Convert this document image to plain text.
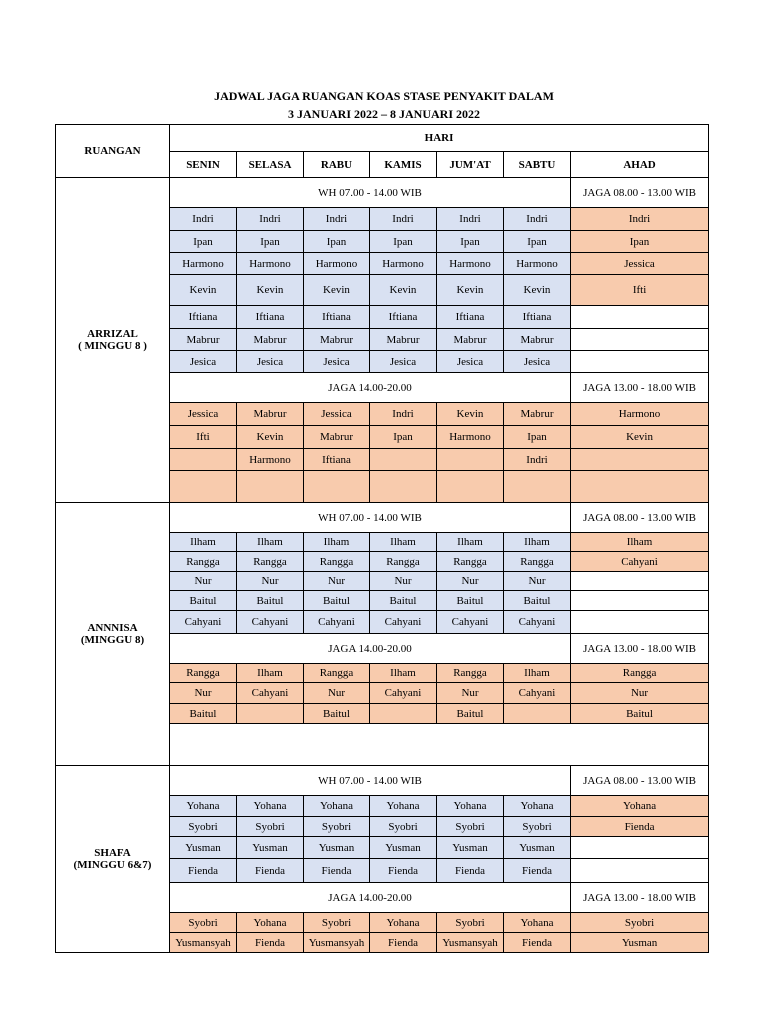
JADWAL JAGA RUANGAN KOAS STASE PENYAKIT DALAM
3 JANUARI 2022 – 8 JANUARI 2022
RUANGAN	HARI						
	SENIN	SELASA	RABU	KAMIS	JUM'AT	SABTU	AHAD

ARRIZAL
( MINGGU 8 )	WH 07.00 - 14.00 WIB						JAGA 08.00 - 13.00 WIB
	Indri	Indri	Indri	Indri	Indri	Indri	Indri
	Ipan	Ipan	Ipan	Ipan	Ipan	Ipan	Ipan
	Harmono	Harmono	Harmono	Harmono	Harmono	Harmono	Jessica
	Kevin	Kevin	Kevin	Kevin	Kevin	Kevin	Ifti
	Iftiana	Iftiana	Iftiana	Iftiana	Iftiana	Iftiana	
	Mabrur	Mabrur	Mabrur	Mabrur	Mabrur	Mabrur	
	Jesica	Jesica	Jesica	Jesica	Jesica	Jesica	
	JAGA 14.00-20.00						JAGA 13.00 - 18.00 WIB
	Jessica	Mabrur	Jessica	Indri	Kevin	Mabrur	Harmono
	Ifti	Kevin	Mabrur	Ipan	Harmono	Ipan	Kevin
		Harmono	Iftiana			Indri	

ANNNISA
(MINGGU 8)	WH 07.00 - 14.00 WIB						JAGA 08.00 - 13.00 WIB
	Ilham	Ilham	Ilham	Ilham	Ilham	Ilham	Ilham
	Rangga	Rangga	Rangga	Rangga	Rangga	Rangga	Cahyani
	Nur	Nur	Nur	Nur	Nur	Nur	
	Baitul	Baitul	Baitul	Baitul	Baitul	Baitul	
	Cahyani	Cahyani	Cahyani	Cahyani	Cahyani	Cahyani	
	JAGA 14.00-20.00						JAGA 13.00 - 18.00 WIB
	Rangga	Ilham	Rangga	Ilham	Rangga	Ilham	Rangga
	Nur	Cahyani	Nur	Cahyani	Nur	Cahyani	Nur
	Baitul		Baitul		Baitul		Baitul

SHAFA
(MINGGU 6&7)	WH 07.00 - 14.00 WIB						JAGA 08.00 - 13.00 WIB
	Yohana	Yohana	Yohana	Yohana	Yohana	Yohana	Yohana
	Syobri	Syobri	Syobri	Syobri	Syobri	Syobri	Fienda
	Yusman	Yusman	Yusman	Yusman	Yusman	Yusman	
	Fienda	Fienda	Fienda	Fienda	Fienda	Fienda	
	JAGA 14.00-20.00						JAGA 13.00 - 18.00 WIB
	Syobri	Yohana	Syobri	Yohana	Syobri	Yohana	Syobri
	Yusmansyah	Fienda	Yusmansyah	Fienda	Yusmansyah	Fienda	Yusman
